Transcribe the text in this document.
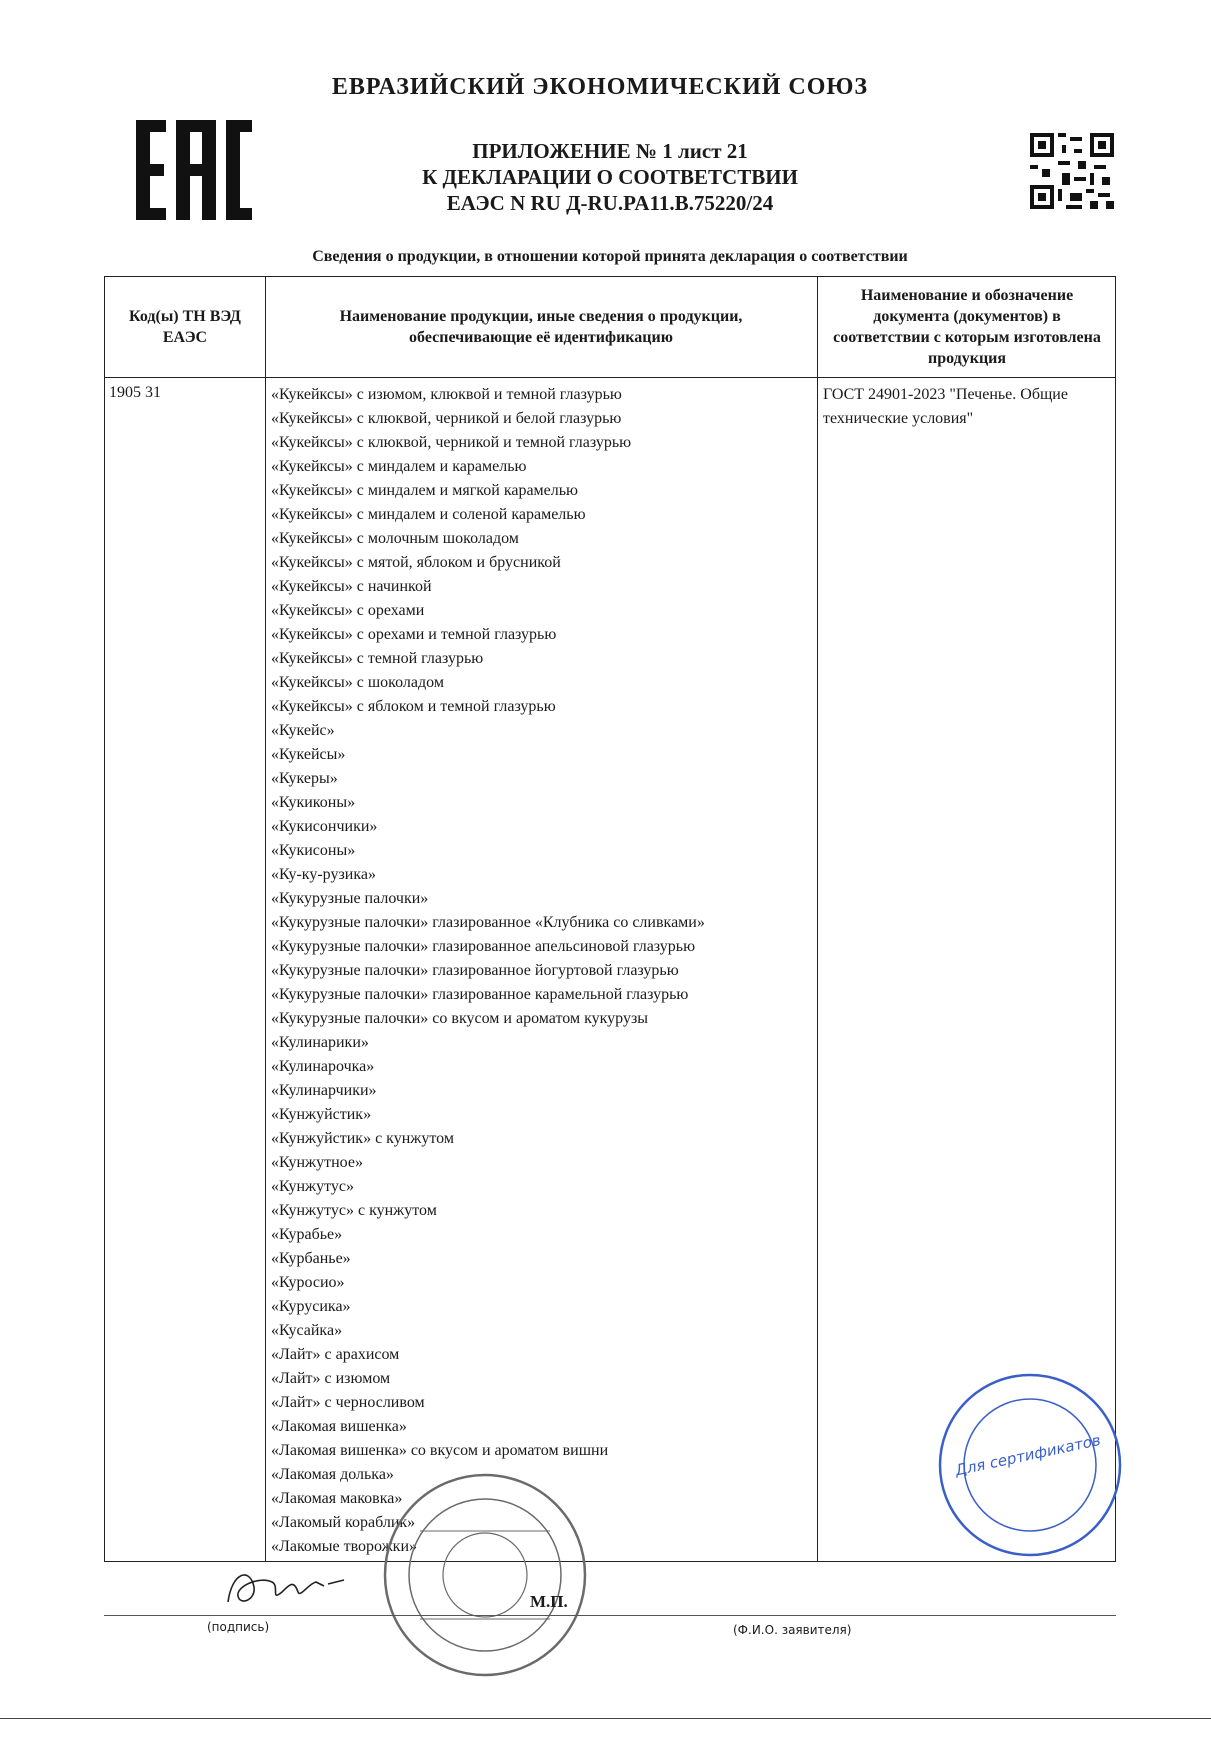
ЕВРАЗИЙСКИЙ ЭКОНОМИЧЕСКИЙ СОЮЗ
ПРИЛОЖЕНИЕ № 1 лист 21
К ДЕКЛАРАЦИИ О СООТВЕТСТВИИ
ЕАЭС N RU Д-RU.PA11.B.75220/24
Сведения о продукции, в отношении которой принята декларация о соответствии
Код(ы) ТН ВЭД ЕАЭС
Наименование продукции, иные сведения о продукции, обеспечивающие её идентификацию
Наименование и обозначение документа (документов) в соответствии с которым изготовлена продукция
1905 31	«Кукейксы» с изюмом, клюквой и темной глазурью
«Кукейксы» с клюквой, черникой и белой глазурью
«Кукейксы» с клюквой, черникой и темной глазурью
«Кукейксы» с миндалем и карамелью
«Кукейксы» с миндалем и мягкой карамелью
«Кукейксы» с миндалем и соленой карамелью
«Кукейксы» с молочным шоколадом
«Кукейксы» с мятой, яблоком и брусникой
«Кукейксы» с начинкой
«Кукейксы» с орехами
«Кукейксы» с орехами и темной глазурью
«Кукейксы» с темной глазурью
«Кукейксы» с шоколадом
«Кукейксы» с яблоком и темной глазурью
«Кукейс»
«Кукейсы»
«Кукеры»
«Кукиконы»
«Кукисончики»
«Кукисоны»
«Ку-ку-рузика»
«Кукурузные палочки»
«Кукурузные палочки» глазированное «Клубника со сливками»
«Кукурузные палочки» глазированное апельсиновой глазурью
«Кукурузные палочки» глазированное йогуртовой глазурью
«Кукурузные палочки» глазированное карамельной глазурью
«Кукурузные палочки» со вкусом и ароматом кукурузы
«Кулинарики»
«Кулинарочка»
«Кулинарчики»
«Кунжуйстик»
«Кунжуйстик» с кунжутом
«Кунжутное»
«Кунжутус»
«Кунжутус» с кунжутом
«Курабье»
«Курбанье»
«Куросио»
«Курусика»
«Кусайка»
«Лайт» с арахисом
«Лайт» с изюмом
«Лайт» с черносливом
«Лакомая вишенка»
«Лакомая вишенка» со вкусом и ароматом вишни
«Лакомая долька»
«Лакомая маковка»
«Лакомый кораблик»
«Лакомые творожки»
ГОСТ 24901-2023 "Печенье. Общие технические условия"
Для сертификатов
(подпись)
М.П.
(Ф.И.О. заявителя)
